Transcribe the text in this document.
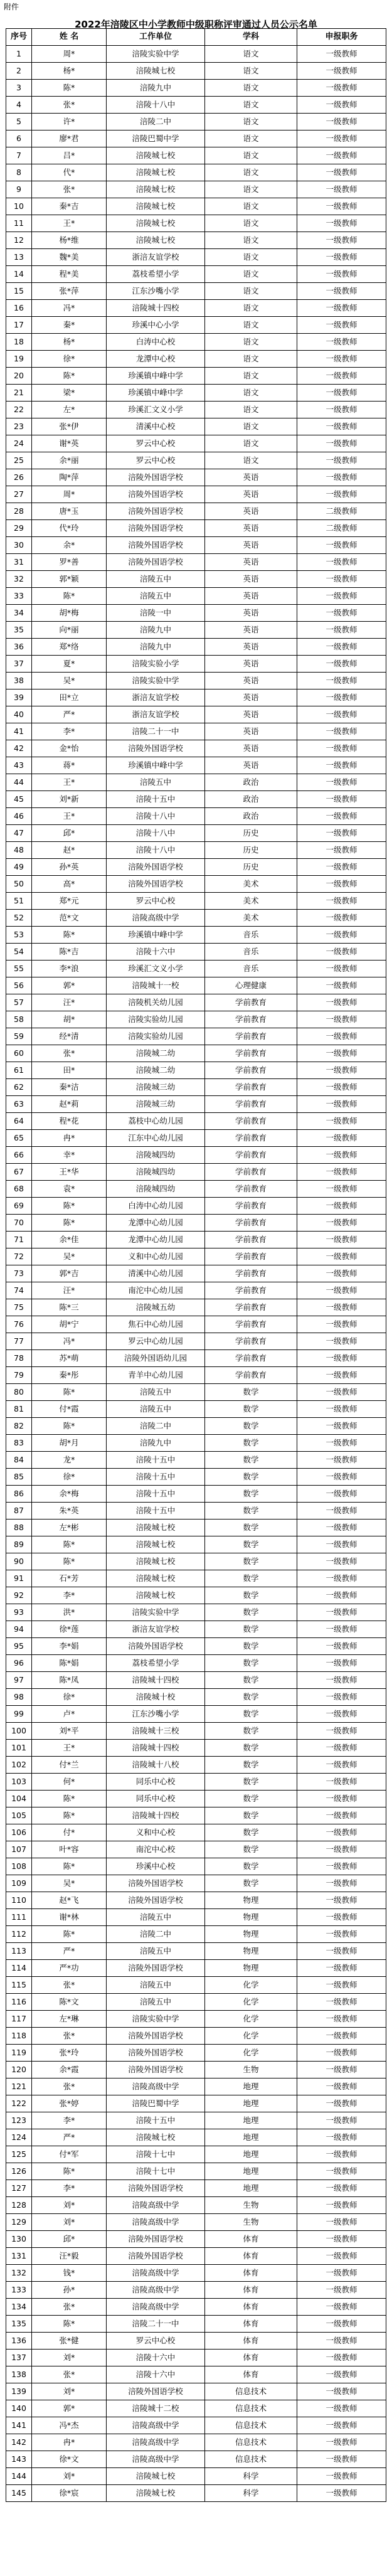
附件
2022年涪陵区中小学教师中级职称评审通过人员公示名单
序号	姓 名	工作单位	学科	申报职务
1	周*	涪陵实验中学	语文	一级教师
2	杨*	涪陵城七校	语文	一级教师
3	陈*	涪陵九中	语文	一级教师
4	张*	涪陵十八中	语文	一级教师
5	许*	涪陵二中	语文	一级教师
6	廖*君	涪陵巴蜀中学	语文	一级教师
7	吕*	涪陵城七校	语文	一级教师
8	代*	涪陵城七校	语文	一级教师
9	张*	涪陵城七校	语文	一级教师
10	秦*吉	涪陵城七校	语文	一级教师
11	王*	涪陵城七校	语文	一级教师
12	杨*维	涪陵城七校	语文	一级教师
13	魏*美	浙涪友谊学校	语文	一级教师
14	程*美	荔枝希望小学	语文	一级教师
15	张*萍	江东沙嘴小学	语文	一级教师
16	冯*	涪陵城十四校	语文	一级教师
17	秦*	珍溪中心小学	语文	一级教师
18	杨*	白涛中心校	语文	一级教师
19	徐*	龙潭中心校	语文	一级教师
20	陈*	珍溪镇中峰中学	语文	一级教师
21	梁*	珍溪镇中峰中学	语文	一级教师
22	左*	珍溪汇文义小学	语文	一级教师
23	张*伊	清溪中心校	语文	一级教师
24	谢*英	罗云中心校	语文	一级教师
25	余*丽	罗云中心校	语文	一级教师
26	陶*萍	涪陵外国语学校	英语	一级教师
27	周*	涪陵外国语学校	英语	一级教师
28	唐*玉	涪陵外国语学校	英语	二级教师
29	代*玲	涪陵外国语学校	英语	二级教师
30	余*	涪陵外国语学校	英语	一级教师
31	罗*善	涪陵外国语学校	英语	一级教师
32	郭*颖	涪陵五中	英语	一级教师
33	陈*	涪陵五中	英语	一级教师
34	胡*梅	涪陵一中	英语	一级教师
35	向*丽	涪陵九中	英语	一级教师
36	郑*络	涪陵九中	英语	一级教师
37	夏*	涪陵实验小学	英语	一级教师
38	吴*	涪陵实验中学	英语	一级教师
39	田*立	浙涪友谊学校	英语	一级教师
40	严*	浙涪友谊学校	英语	一级教师
41	李*	涪陵二十一中	英语	一级教师
42	金*怡	涪陵外国语学校	英语	一级教师
43	蒋*	珍溪镇中峰中学	英语	一级教师
44	王*	涪陵五中	政治	一级教师
45	刘*新	涪陵十五中	政治	一级教师
46	王*	涪陵十八中	政治	一级教师
47	邱*	涪陵十八中	历史	一级教师
48	赵*	涪陵十八中	历史	一级教师
49	孙*英	涪陵外国语学校	历史	一级教师
50	高*	涪陵外国语学校	美术	一级教师
51	郑*元	罗云中心校	美术	一级教师
52	范*文	涪陵高级中学	美术	一级教师
53	陈*	珍溪镇中峰中学	音乐	一级教师
54	陈*吉	涪陵十六中	音乐	一级教师
55	李*浪	珍溪汇文义小学	音乐	一级教师
56	郭*	涪陵城十一校	心理健康	一级教师
57	汪*	涪陵机关幼儿园	学前教育	一级教师
58	胡*	涪陵实验幼儿园	学前教育	一级教师
59	经*清	涪陵实验幼儿园	学前教育	一级教师
60	张*	涪陵城二幼	学前教育	一级教师
61	田*	涪陵城二幼	学前教育	一级教师
62	秦*洁	涪陵城三幼	学前教育	一级教师
63	赵*莉	涪陵城三幼	学前教育	一级教师
64	程*花	荔枝中心幼儿园	学前教育	一级教师
65	冉*	江东中心幼儿园	学前教育	一级教师
66	幸*	涪陵城四幼	学前教育	一级教师
67	王*华	涪陵城四幼	学前教育	一级教师
68	袁*	涪陵城四幼	学前教育	一级教师
69	陈*	白涛中心幼儿园	学前教育	一级教师
70	陈*	龙潭中心幼儿园	学前教育	一级教师
71	余*佳	龙潭中心幼儿园	学前教育	一级教师
72	吴*	义和中心幼儿园	学前教育	一级教师
73	郭*吉	清溪中心幼儿园	学前教育	一级教师
74	汪*	南沱中心幼儿园	学前教育	一级教师
75	陈*三	涪陵城五幼	学前教育	一级教师
76	胡*宁	焦石中心幼儿园	学前教育	一级教师
77	冯*	罗云中心幼儿园	学前教育	一级教师
78	苏*萌	涪陵外国语幼儿园	学前教育	一级教师
79	秦*彤	青羊中心幼儿园	学前教育	一级教师
80	陈*	涪陵五中	数学	一级教师
81	付*霞	涪陵五中	数学	一级教师
82	陈*	涪陵二中	数学	一级教师
83	胡*月	涪陵九中	数学	一级教师
84	龙*	涪陵十五中	数学	一级教师
85	徐*	涪陵十五中	数学	一级教师
86	余*梅	涪陵十五中	数学	一级教师
87	朱*英	涪陵十五中	数学	一级教师
88	左*彬	涪陵城七校	数学	一级教师
89	陈*	涪陵城七校	数学	一级教师
90	陈*	涪陵城七校	数学	一级教师
91	石*芳	涪陵城七校	数学	一级教师
92	李*	涪陵城七校	数学	一级教师
93	洪*	涪陵实验中学	数学	一级教师
94	徐*莲	浙涪友谊学校	数学	一级教师
95	李*娟	涪陵外国语学校	数学	一级教师
96	陈*娟	荔枝希望小学	数学	一级教师
97	陈*凤	涪陵城十四校	数学	一级教师
98	徐*	涪陵城十校	数学	一级教师
99	卢*	江东沙嘴小学	数学	一级教师
100	刘*平	涪陵城十三校	数学	一级教师
101	王*	涪陵城十四校	数学	一级教师
102	付*兰	涪陵城十八校	数学	一级教师
103	何*	同乐中心校	数学	一级教师
104	陈*	同乐中心校	数学	一级教师
105	陈*	涪陵城十四校	数学	一级教师
106	付*	义和中心校	数学	一级教师
107	叶*容	南沱中心校	数学	一级教师
108	陈*	珍溪中心校	数学	一级教师
109	吴*	涪陵外国语学校	数学	一级教师
110	赵*飞	涪陵外国语学校	物理	一级教师
111	谢*林	涪陵五中	物理	一级教师
112	陈*	涪陵二中	物理	一级教师
113	严*	涪陵五中	物理	一级教师
114	严*功	涪陵外国语学校	物理	一级教师
115	张*	涪陵五中	化学	一级教师
116	陈*文	涪陵五中	化学	一级教师
117	左*琳	涪陵实验中学	化学	一级教师
118	张*	涪陵外国语学校	化学	一级教师
119	张*玲	涪陵外国语学校	化学	一级教师
120	余*霞	涪陵外国语学校	生物	一级教师
121	张*	涪陵高级中学	地理	一级教师
122	张*婷	涪陵巴蜀中学	地理	一级教师
123	李*	涪陵十五中	地理	一级教师
124	严*	涪陵城七校	地理	一级教师
125	付*军	涪陵十七中	地理	一级教师
126	陈*	涪陵十七中	地理	一级教师
127	李*	涪陵外国语学校	地理	一级教师
128	刘*	涪陵高级中学	生物	一级教师
129	刘*	涪陵高级中学	生物	一级教师
130	邱*	涪陵外国语学校	体育	一级教师
131	汪*毅	涪陵外国语学校	体育	一级教师
132	钱*	涪陵高级中学	体育	一级教师
133	孙*	涪陵高级中学	体育	一级教师
134	张*	涪陵高级中学	体育	一级教师
135	陈*	涪陵二十一中	体育	一级教师
136	张*健	罗云中心校	体育	一级教师
137	刘*	涪陵十六中	体育	一级教师
138	张*	涪陵十六中	体育	一级教师
139	刘*	涪陵外国语学校	信息技术	一级教师
140	郭*	涪陵城十二校	信息技术	一级教师
141	冯*杰	涪陵高级中学	信息技术	一级教师
142	冉*	涪陵高级中学	信息技术	一级教师
143	徐*文	涪陵高级中学	信息技术	一级教师
144	刘*	涪陵城七校	科学	一级教师
145	徐*宸	涪陵城七校	科学	一级教师
